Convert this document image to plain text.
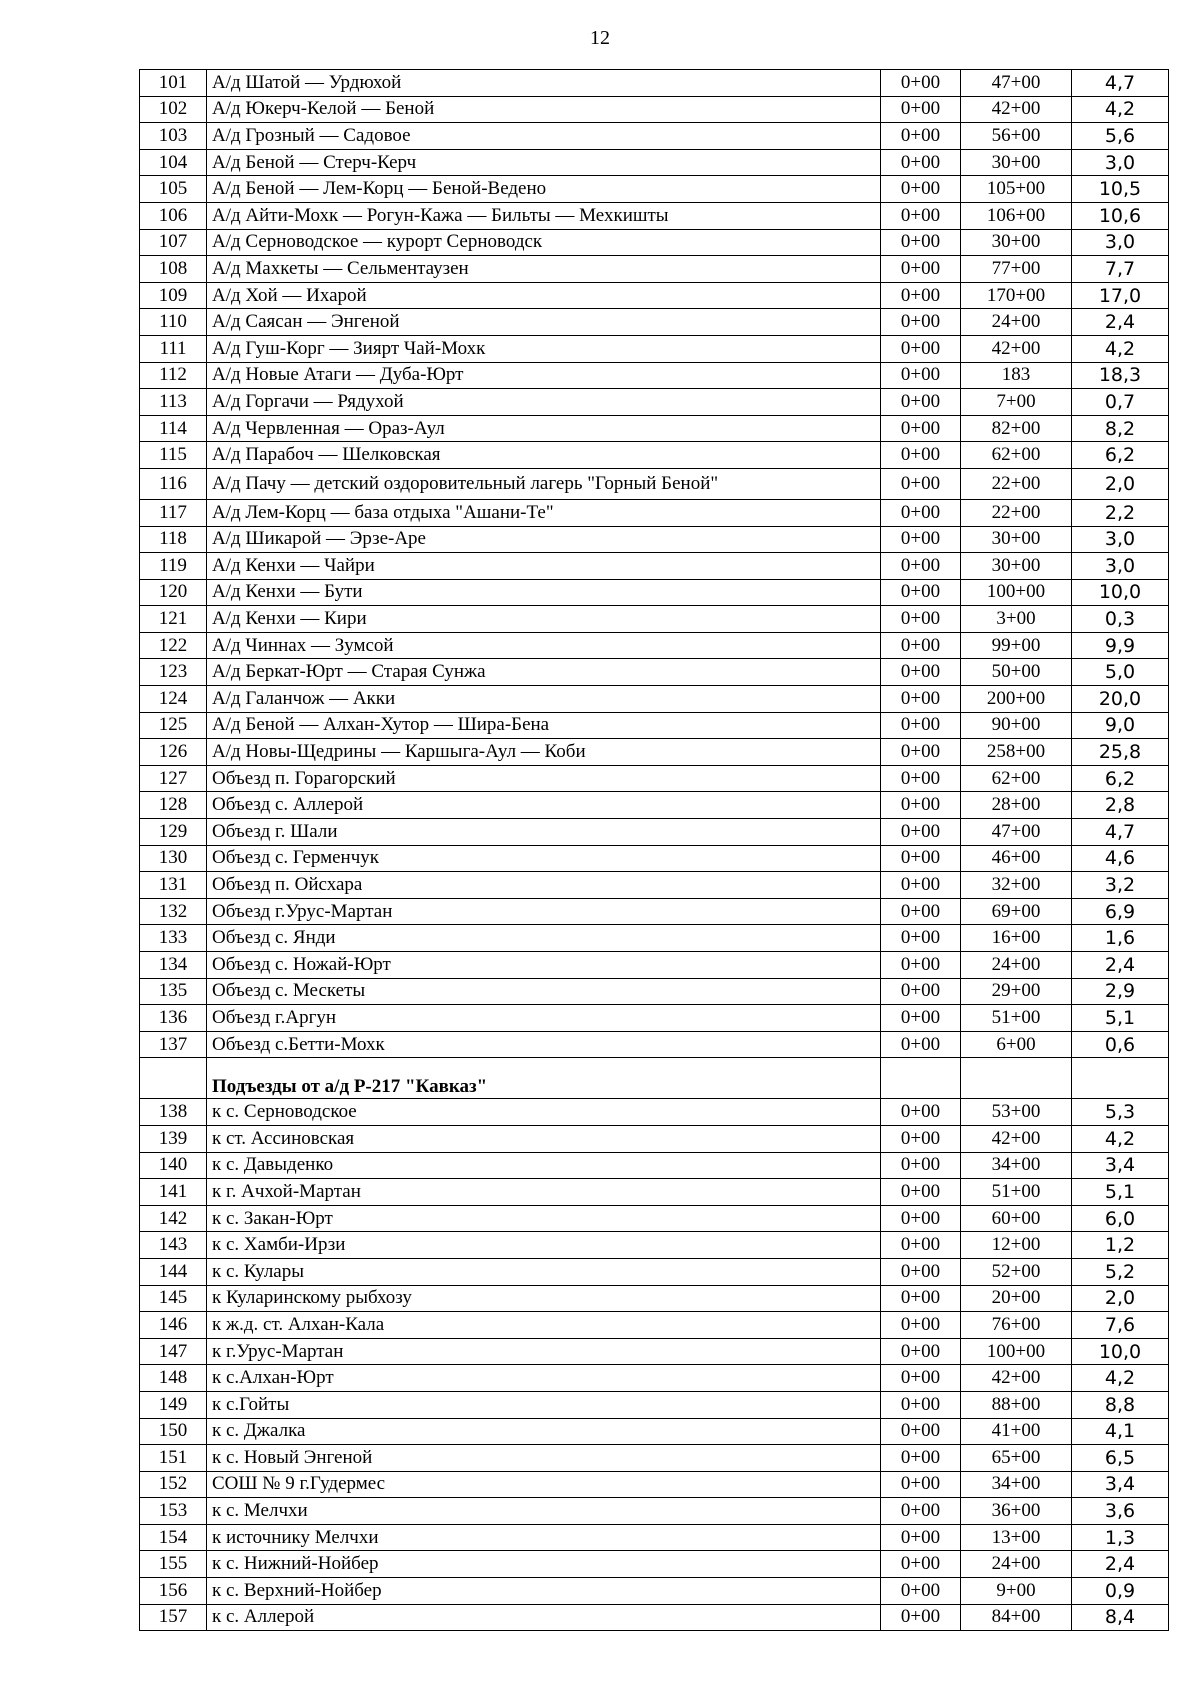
12
101	А/д Шатой — Урдюхой	0+00	47+00	4,7
102	А/д Юкерч-Келой — Беной	0+00	42+00	4,2
103	А/д Грозный — Садовое	0+00	56+00	5,6
104	А/д Беной — Стерч-Керч	0+00	30+00	3,0
105	А/д Беной — Лем-Корц — Беной-Ведено	0+00	105+00	10,5
106	А/д Айти-Мохк — Рогун-Кажа — Бильты — Мехкишты	0+00	106+00	10,6
107	А/д Серноводское — курорт Серноводск	0+00	30+00	3,0
108	А/д Махкеты — Сельментаузен	0+00	77+00	7,7
109	А/д Хой — Ихарой	0+00	170+00	17,0
110	А/д Саясан — Энгеной	0+00	24+00	2,4
111	А/д Гуш-Корг — Зиярт Чай-Мохк	0+00	42+00	4,2
112	А/д Новые Атаги — Дуба-Юрт	0+00	183	18,3
113	А/д Горгачи — Рядухой	0+00	7+00	0,7
114	А/д Червленная — Ораз-Аул	0+00	82+00	8,2
115	А/д Парабоч — Шелковская	0+00	62+00	6,2
116	А/д Пачу — детский оздоровительный лагерь "Горный Беной"	0+00	22+00	2,0
117	А/д Лем-Корц — база отдыха "Ашани-Те"	0+00	22+00	2,2
118	А/д Шикарой — Эрзе-Аре	0+00	30+00	3,0
119	А/д Кенхи — Чайри	0+00	30+00	3,0
120	А/д Кенхи — Бути	0+00	100+00	10,0
121	А/д Кенхи — Кири	0+00	3+00	0,3
122	А/д Чиннах — Зумсой	0+00	99+00	9,9
123	А/д Беркат-Юрт — Старая Сунжа	0+00	50+00	5,0
124	А/д Галанчож — Акки	0+00	200+00	20,0
125	А/д Беной — Алхан-Хутор — Шира-Бена	0+00	90+00	9,0
126	А/д Новы-Щедрины — Каршыга-Аул — Коби	0+00	258+00	25,8
127	Объезд п. Горагорский	0+00	62+00	6,2
128	Объезд с. Аллерой	0+00	28+00	2,8
129	Объезд г. Шали	0+00	47+00	4,7
130	Объезд с. Герменчук	0+00	46+00	4,6
131	Объезд п. Ойсхара	0+00	32+00	3,2
132	Объезд г.Урус-Мартан	0+00	69+00	6,9
133	Объезд с. Янди	0+00	16+00	1,6
134	Объезд с. Ножай-Юрт	0+00	24+00	2,4
135	Объезд с. Мескеты	0+00	29+00	2,9
136	Объезд г.Аргун	0+00	51+00	5,1
137	Объезд с.Бетти-Мохк	0+00	6+00	0,6
	Подъезды от а/д Р-217 "Кавказ"			
138	к с. Серноводское	0+00	53+00	5,3
139	к ст. Ассиновская	0+00	42+00	4,2
140	к с. Давыденко	0+00	34+00	3,4
141	к г. Ачхой-Мартан	0+00	51+00	5,1
142	к с. Закан-Юрт	0+00	60+00	6,0
143	к с. Хамби-Ирзи	0+00	12+00	1,2
144	к с. Кулары	0+00	52+00	5,2
145	к Куларинскому рыбхозу	0+00	20+00	2,0
146	к ж.д. ст. Алхан-Кала	0+00	76+00	7,6
147	к г.Урус-Мартан	0+00	100+00	10,0
148	к с.Алхан-Юрт	0+00	42+00	4,2
149	к с.Гойты	0+00	88+00	8,8
150	к с. Джалка	0+00	41+00	4,1
151	к с. Новый Энгеной	0+00	65+00	6,5
152	СОШ № 9 г.Гудермес	0+00	34+00	3,4
153	к с. Мелчхи	0+00	36+00	3,6
154	к источнику Мелчхи	0+00	13+00	1,3
155	к с. Нижний-Нойбер	0+00	24+00	2,4
156	к с. Верхний-Нойбер	0+00	9+00	0,9
157	к с. Аллерой	0+00	84+00	8,4
